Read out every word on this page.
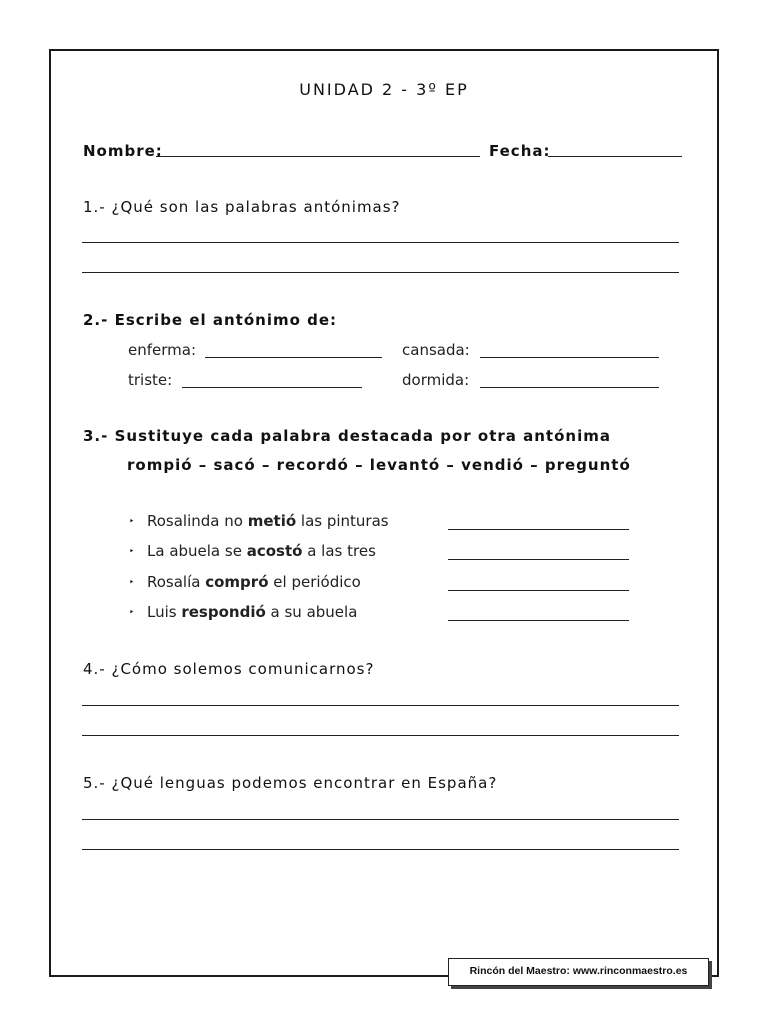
UNIDAD 2 - 3º EP
Nombre:	Fecha:
1.- ¿Qué son las palabras antónimas?
2.- Escribe el antónimo de:
enferma:	cansada:
triste:	dormida:
3.- Sustituye cada palabra destacada por otra antónima
rompió – sacó – recordó – levantó – vendió – preguntó
‣ Rosalinda no metió las pinturas
‣ La abuela se acostó a las tres
‣ Rosalía compró el periódico
‣ Luis respondió a su abuela
4.- ¿Cómo solemos comunicarnos?
5.- ¿Qué lenguas podemos encontrar en España?
Rincón del Maestro: www.rinconmaestro.es
